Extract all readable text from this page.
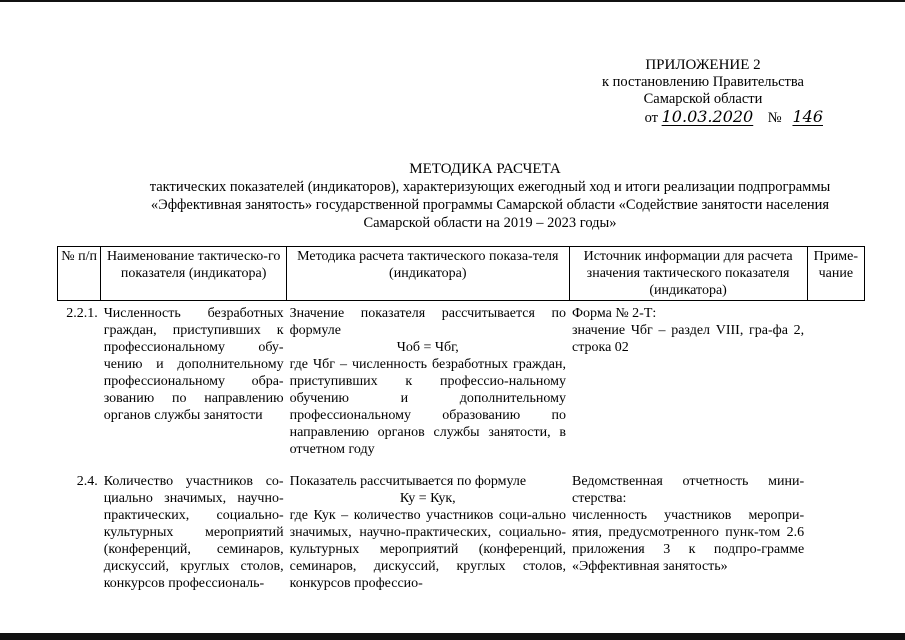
ПРИЛОЖЕНИЕ 2
к постановлению Правительства
Самарской области
от 10.03.2020 № 146
МЕТОДИКА РАСЧЕТА
тактических показателей (индикаторов), характеризующих ежегодный ход и итоги реализации подпрограммы
«Эффективная занятость» государственной программы Самарской области «Содействие занятости населения
Самарской области на 2019 – 2023 годы»
№ п/п	Наименование тактическо-го показателя (индикатора)	Методика расчета тактического показа-теля (индикатора)	Источник информации для расчета значения тактического показателя (индикатора)	Приме-чание
2.2.1.	Численность безработных граждан, приступивших к профессиональному обу-чению и дополнительному профессиональному обра-зованию по направлению органов службы занятости	Значение показателя рассчитывается по формуле
Чоб = Чбг,
где Чбг – численность безработных граждан, приступивших к профессио-нальному обучению и дополнительному профессиональному образованию по направлению органов службы занятости, в отчетном году	Форма № 2-Т:
значение Чбг – раздел VIII, гра-фа 2, строка 02	

2.4.	Количество участников со-циально значимых, научно-практических, социально-культурных мероприятий (конференций, семинаров, дискуссий, круглых столов, конкурсов профессиональ-	Показатель рассчитывается по формуле
Ку = Кук,
где Кук – количество участников соци-ально значимых, научно-практических, социально-культурных мероприятий (конференций, семинаров, дискуссий, круглых столов, конкурсов профессио-	Ведомственная отчетность мини-стерства:
численность участников меропри-ятия, предусмотренного пунк-том 2.6 приложения 3 к подпро-грамме «Эффективная занятость»	
